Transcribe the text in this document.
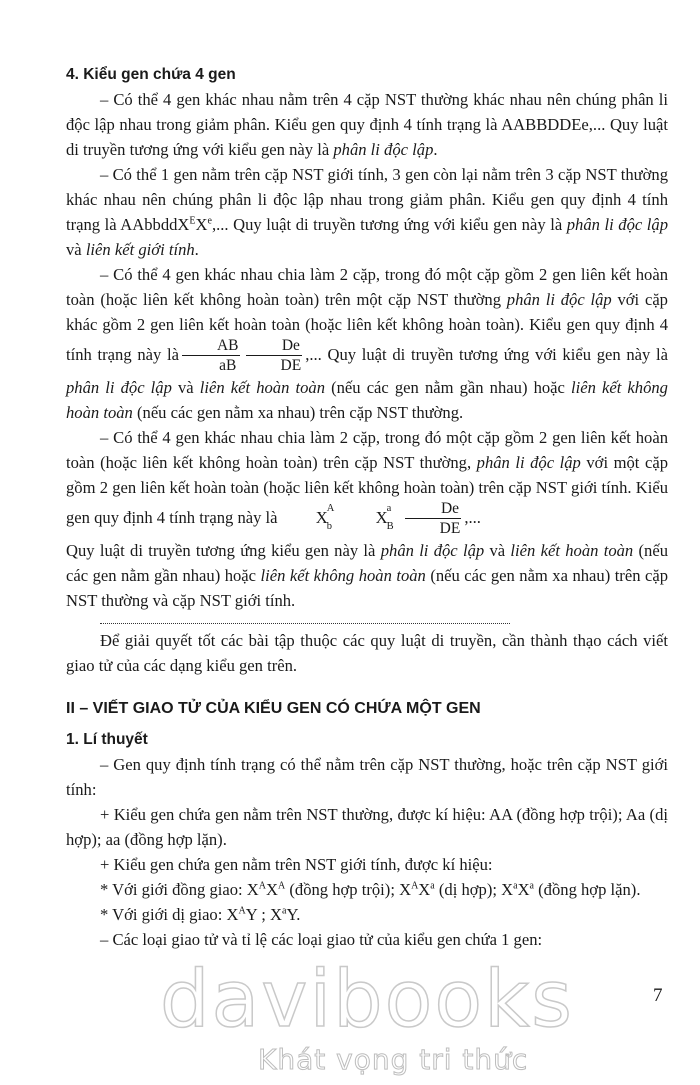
4. Kiểu gen chứa 4 gen

– Có thể 4 gen khác nhau nằm trên 4 cặp NST thường khác nhau nên chúng phân li độc lập nhau trong giảm phân. Kiểu gen quy định 4 tính trạng là AABBDDEe,... Quy luật di truyền tương ứng với kiểu gen này là phân li độc lập.

– Có thể 1 gen nằm trên cặp NST giới tính, 3 gen còn lại nằm trên 3 cặp NST thường khác nhau nên chúng phân li độc lập nhau trong giảm phân. Kiểu gen quy định 4 tính trạng là AAbbddX$^E$Xe,... Quy luật di truyền tương ứng với kiểu gen này là phân li độc lập và liên kết giới tính.

– Có thể 4 gen khác nhau chia làm 2 cặp, trong đó một cặp gồm 2 gen liên kết hoàn toàn (hoặc liên kết không hoàn toàn) trên một cặp NST thường phân li độc lập với cặp khác gồm 2 gen liên kết hoàn toàn (hoặc liên kết không hoàn toàn). Kiểu gen quy định 4 tính trạng này là $\frac{AB}{aB} \frac{De}{DE}$ ,... Quy luật di truyền tương ứng với kiểu gen này là phân li độc lập và liên kết hoàn toàn (nếu các gen nằm gần nhau) hoặc liên kết không hoàn toàn (nếu các gen nằm xa nhau) trên cặp NST thường.

– Có thể 4 gen khác nhau chia làm 2 cặp, trong đó một cặp gồm 2 gen liên kết hoàn toàn (hoặc liên kết không hoàn toàn) trên cặp NST thường, phân li độc lập với một cặp gồm 2 gen liên kết hoàn toàn (hoặc liên kết không hoàn toàn) trên cặp NST giới tính. Kiểu gen quy định 4 tính trạng này là X A
b	X a
B $\frac{De}{DE}$ ,...

Quy luật di truyền tương ứng kiểu gen này là phân li độc lập và liên kết hoàn toàn (nếu các gen nằm gần nhau) hoặc liên kết không hoàn toàn (nếu các gen nằm xa nhau) trên cặp NST thường và cặp NST giới tính.

Để giải quyết tốt các bài tập thuộc các quy luật di truyền, cần thành thạo cách viết giao tử của các dạng kiểu gen trên.

II – VIẾT GIAO TỬ CỦA KIỂU GEN CÓ CHỨA MỘT GEN

1. Lí thuyết

– Gen quy định tính trạng có thể nằm trên cặp NST thường, hoặc trên cặp NST giới tính:

+ Kiểu gen chứa gen nằm trên NST thường, được kí hiệu: AA (đồng hợp trội); Aa (dị hợp); aa (đồng hợp lặn).

+ Kiểu gen chứa gen nằm trên NST giới tính, được kí hiệu:

* Với giới đồng giao: $X^AX^A$ (đồng hợp trội); $X^AX^a$ (dị hợp); $X^aX^a$ (đồng hợp lặn).

* Với giới dị giao: $X^AY$ ; $X^aY$.

– Các loại giao tử và tỉ lệ các loại giao tử của kiểu gen chứa 1 gen:

davibooks
Khát vọng tri thức
7
